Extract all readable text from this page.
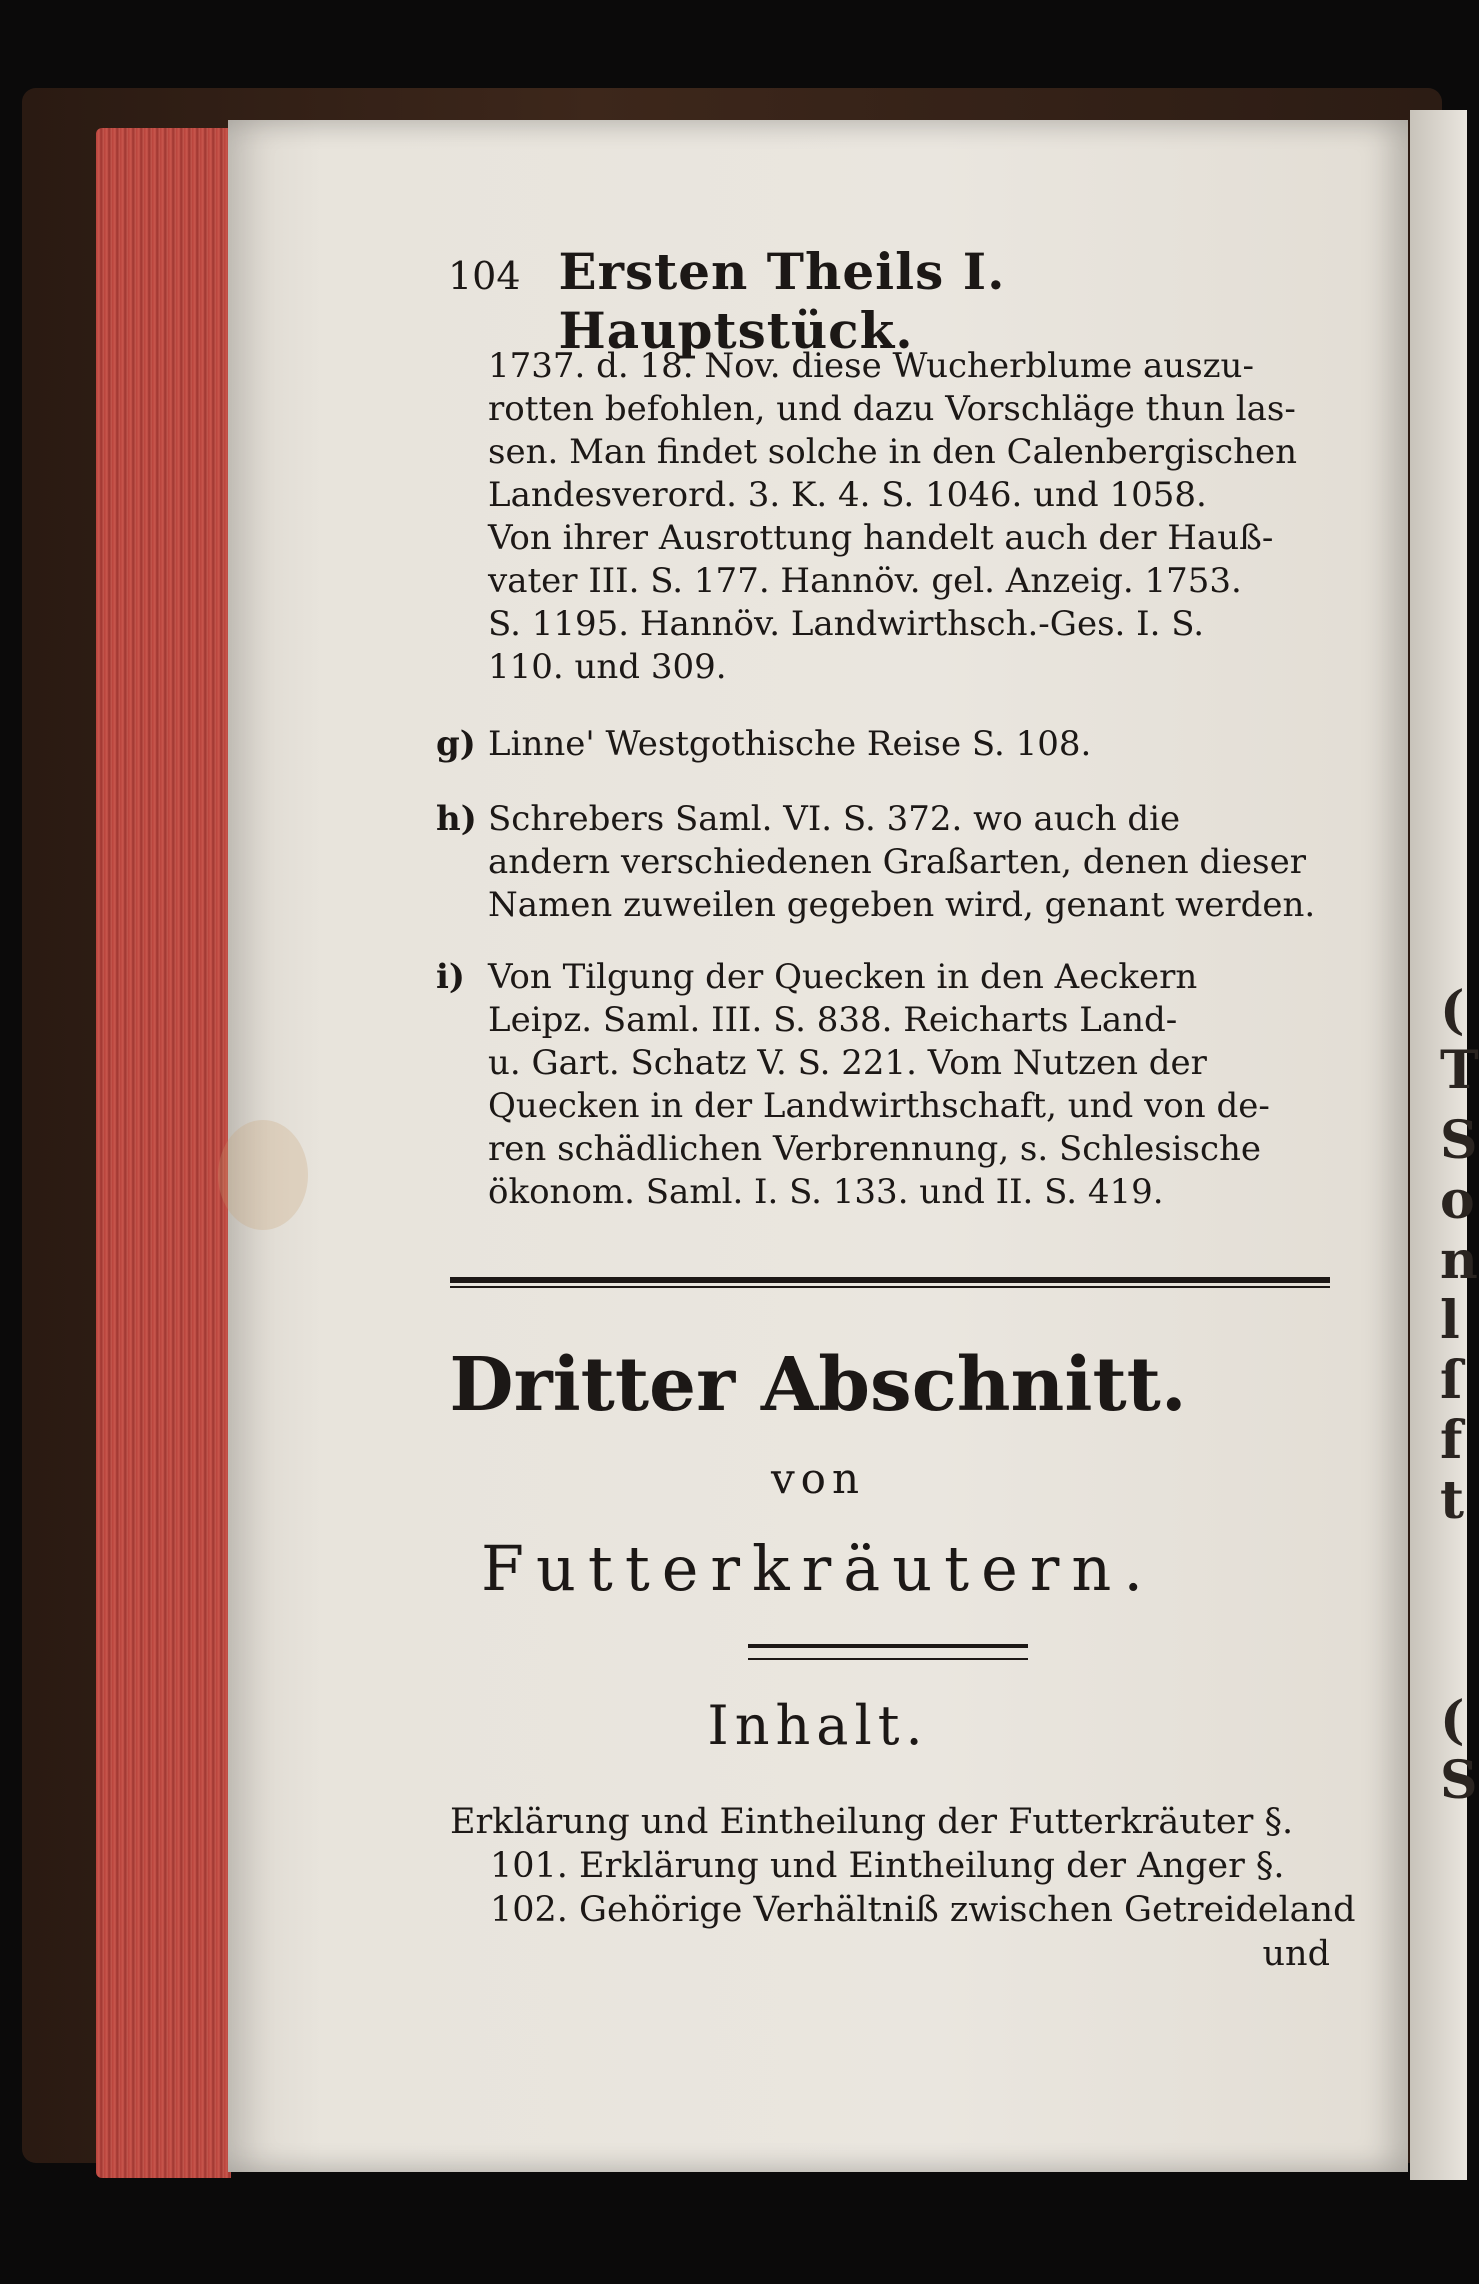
(
T
S
o
n
l
ſ
f
t
(
S
104 Ersten Theils I. Hauptstück.
1737. d. 18. Nov. diese Wucherblume auszu-
rotten befohlen, und dazu Vorschläge thun las-
sen. Man findet solche in den Calenbergischen
Landesverord. 3. K. 4. S. 1046. und 1058.
Von ihrer Ausrottung handelt auch der Hauß-
vater III. S. 177. Hannöv. gel. Anzeig. 1753.
S. 1195. Hannöv. Landwirthsch.-Ges. I. S.
110. und 309.
g) Linne' Westgothische Reise S. 108.
h) Schrebers Saml. VI. S. 372. wo auch die
andern verschiedenen Graßarten, denen dieser
Namen zuweilen gegeben wird, genant werden.
i) Von Tilgung der Quecken in den Aeckern
Leipz. Saml. III. S. 838. Reicharts Land-
u. Gart. Schatz V. S. 221. Vom Nutzen der
Quecken in der Landwirthschaft, und von de-
ren schädlichen Verbrennung, s. Schlesische
ökonom. Saml. I. S. 133. und II. S. 419.
Dritter Abschnitt.
von
Futterkräutern.
Inhalt.
Erklärung und Eintheilung der Futterkräuter §.
101. Erklärung und Eintheilung der Anger §.
102. Gehörige Verhältniß zwischen Getreideland
und
